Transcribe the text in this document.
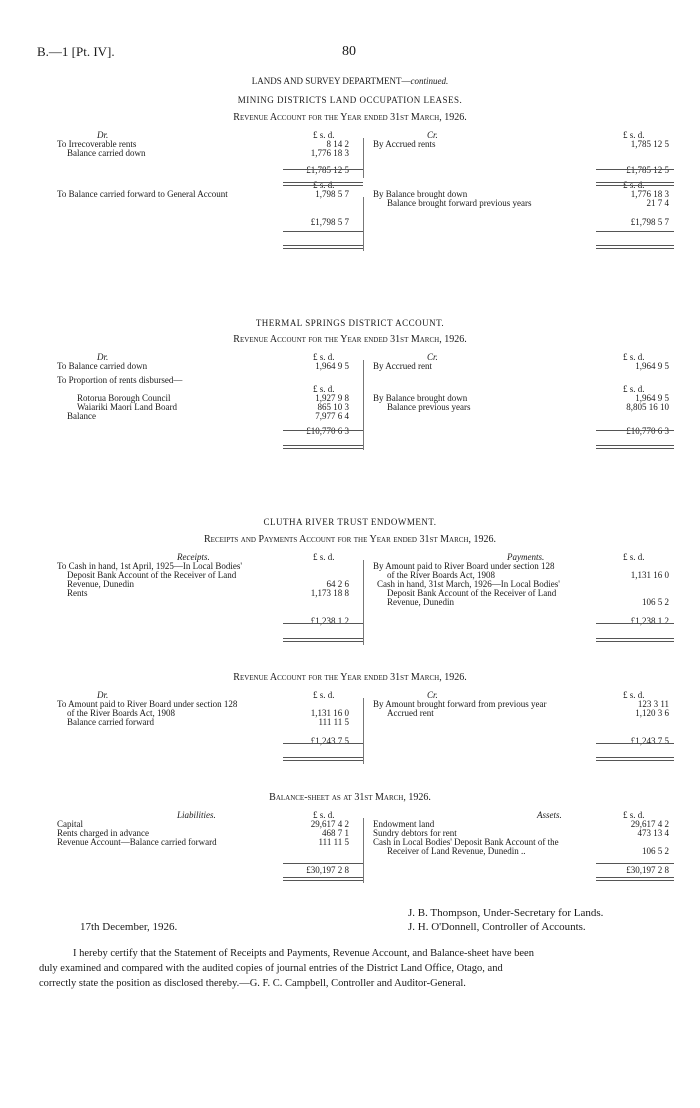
B.—1 [Pt. IV].	80
LANDS AND SURVEY DEPARTMENT—continued.
MINING DISTRICTS LAND OCCUPATION LEASES.
Revenue Account for the Year ended 31st March, 1926.
Dr.	£ s. d.	Cr.	£ s. d.
To Irrecoverable rents	8 14 2	By Accrued rents	1,785 12 5
Balance carried down	1,776 18 3
£1,785 12 5	£1,785 12 5
£ s. d.	£ s. d.
To Balance carried forward to General Account	1,798 5 7	By Balance brought down	1,776 18 3
Balance brought forward previous years	21 7 4
£1,798 5 7	£1,798 5 7
THERMAL SPRINGS DISTRICT ACCOUNT.
Revenue Account for the Year ended 31st March, 1926.
Dr.	£ s. d.	Cr.	£ s. d.
To Balance carried down	1,964 9 5	By Accrued rent	1,964 9 5
To Proportion of rents disbursed—
£ s. d.	£ s. d.
Rotorua Borough Council	1,927 9 8	By Balance brought down	1,964 9 5
Waiariki Maori Land Board	865 10 3	Balance previous years	8,805 16 10
Balance	7,977 6 4
£10,770 6 3	£10,770 6 3
CLUTHA RIVER TRUST ENDOWMENT.
Receipts and Payments Account for the Year ended 31st March, 1926.
Receipts.	£ s. d.	Payments.	£ s. d.
To Cash in hand, 1st April, 1925—In Local Bodies'	By Amount paid to River Board under section 128
Deposit Bank Account of the Receiver of Land	of the River Boards Act, 1908	1,131 16 0
Revenue, Dunedin	64 2 6	Cash in hand, 31st March, 1926—In Local Bodies'
Rents	1,173 18 8	Deposit Bank Account of the Receiver of Land
Revenue, Dunedin	106 5 2
£1,238 1 2	£1,238 1 2
Revenue Account for the Year ended 31st March, 1926.
Dr.	£ s. d.	Cr.	£ s. d.
To Amount paid to River Board under section 128	By Amount brought forward from previous year	123 3 11
of the River Boards Act, 1908	1,131 16 0	Accrued rent	1,120 3 6
Balance carried forward	111 11 5
£1,243 7 5	£1,243 7 5
Balance-sheet as at 31st March, 1926.
Liabilities.	£ s. d.	Assets.	£ s. d.
Capital	29,617 4 2	Endowment land	29,617 4 2
Rents charged in advance	468 7 1	Sundry debtors for rent	473 13 4
Revenue Account—Balance carried forward	111 11 5	Cash in Local Bodies' Deposit Bank Account of the
Receiver of Land Revenue, Dunedin ..	106 5 2
£30,197 2 8	£30,197 2 8
J. B. Thompson, Under-Secretary for Lands.
17th December, 1926.	J. H. O'Donnell, Controller of Accounts.
I hereby certify that the Statement of Receipts and Payments, Revenue Account, and Balance-sheet have been
duly examined and compared with the audited copies of journal entries of the District Land Office, Otago, and
correctly state the position as disclosed thereby.—G. F. C. Campbell, Controller and Auditor-General.
